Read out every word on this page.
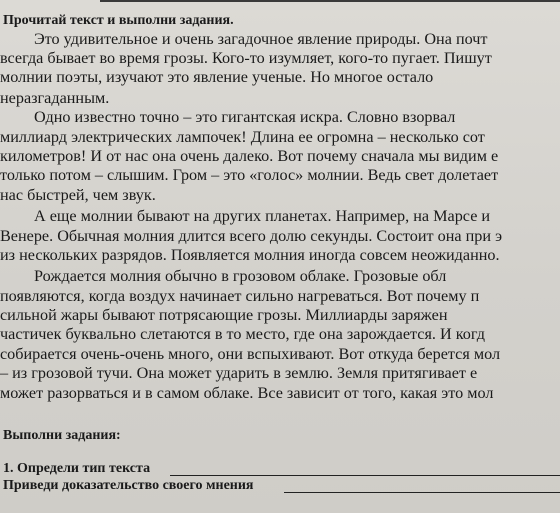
Прочитай текст и выполни задания.
Это удивительное и очень загадочное явление природы. Она почт
всегда бывает во время грозы. Кого-то изумляет, кого-то пугает. Пишут
молнии поэты, изучают это явление ученые. Но многое остало
неразгаданным.
Одно известно точно – это гигантская искра. Словно взорвал
миллиард электрических лампочек! Длина ее огромна – несколько сот
километров! И от нас она очень далеко. Вот почему сначала мы видим е
только потом – слышим. Гром – это «голос» молнии. Ведь свет долетает
нас быстрей, чем звук.
А еще молнии бывают на других планетах. Например, на Марсе и
Венере. Обычная молния длится всего долю секунды. Состоит она при э
из нескольких разрядов. Появляется молния иногда совсем неожиданно.
Рождается молния обычно в грозовом облаке. Грозовые обл
появляются, когда воздух начинает сильно нагреваться. Вот почему п
сильной жары бывают потрясающие грозы. Миллиарды заряжен
частичек буквально слетаются в то место, где она зарождается. И когд
собирается очень-очень много, они вспыхивают. Вот откуда берется мол
– из грозовой тучи. Она может ударить в землю. Земля притягивает е
может разорваться и в самом облаке. Все зависит от того, какая это мол
Выполни задания:
1. Определи тип текста
Приведи доказательство своего мнения
